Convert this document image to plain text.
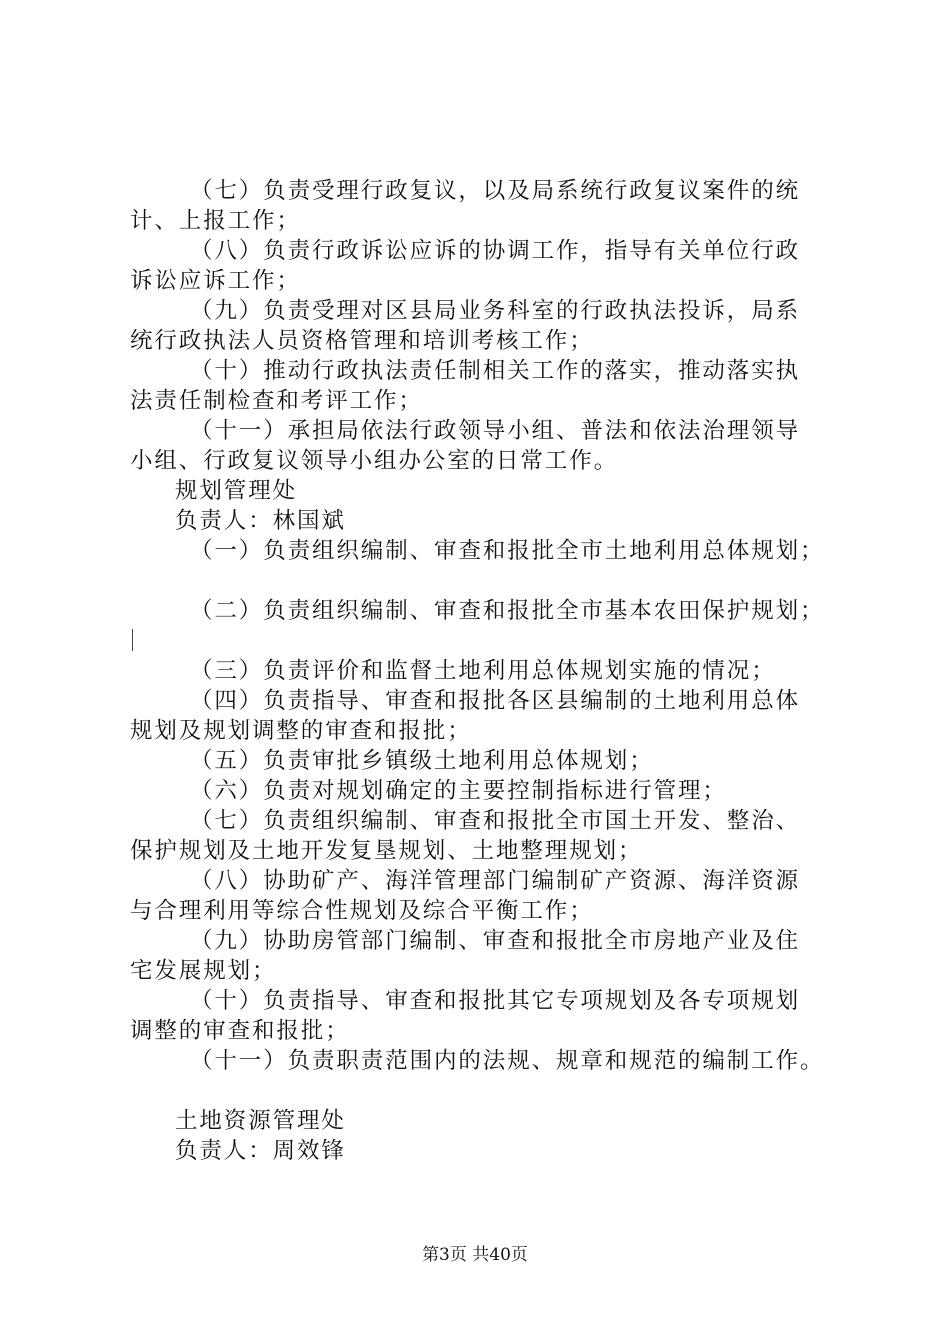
（七）负责受理行政复议，以及局系统行政复议案件的统
计、上报工作；
（八）负责行政诉讼应诉的协调工作，指导有关单位行政
诉讼应诉工作；
（九）负责受理对区县局业务科室的行政执法投诉，局系
统行政执法人员资格管理和培训考核工作；
（十）推动行政执法责任制相关工作的落实，推动落实执
法责任制检查和考评工作；
（十一）承担局依法行政领导小组、普法和依法治理领导
小组、行政复议领导小组办公室的日常工作。
规划管理处
负责人：林国斌
（一）负责组织编制、审查和报批全市土地利用总体规划；
（二）负责组织编制、审查和报批全市基本农田保护规划；
（三）负责评价和监督土地利用总体规划实施的情况；
（四）负责指导、审查和报批各区县编制的土地利用总体
规划及规划调整的审查和报批；
（五）负责审批乡镇级土地利用总体规划；
（六）负责对规划确定的主要控制指标进行管理；
（七）负责组织编制、审查和报批全市国土开发、整治、
保护规划及土地开发复垦规划、土地整理规划；
（八）协助矿产、海洋管理部门编制矿产资源、海洋资源
与合理利用等综合性规划及综合平衡工作；
（九）协助房管部门编制、审查和报批全市房地产业及住
宅发展规划；
（十）负责指导、审查和报批其它专项规划及各专项规划
调整的审查和报批；
（十一）负责职责范围内的法规、规章和规范的编制工作。
土地资源管理处
负责人：周效锋
第3页 共40页
